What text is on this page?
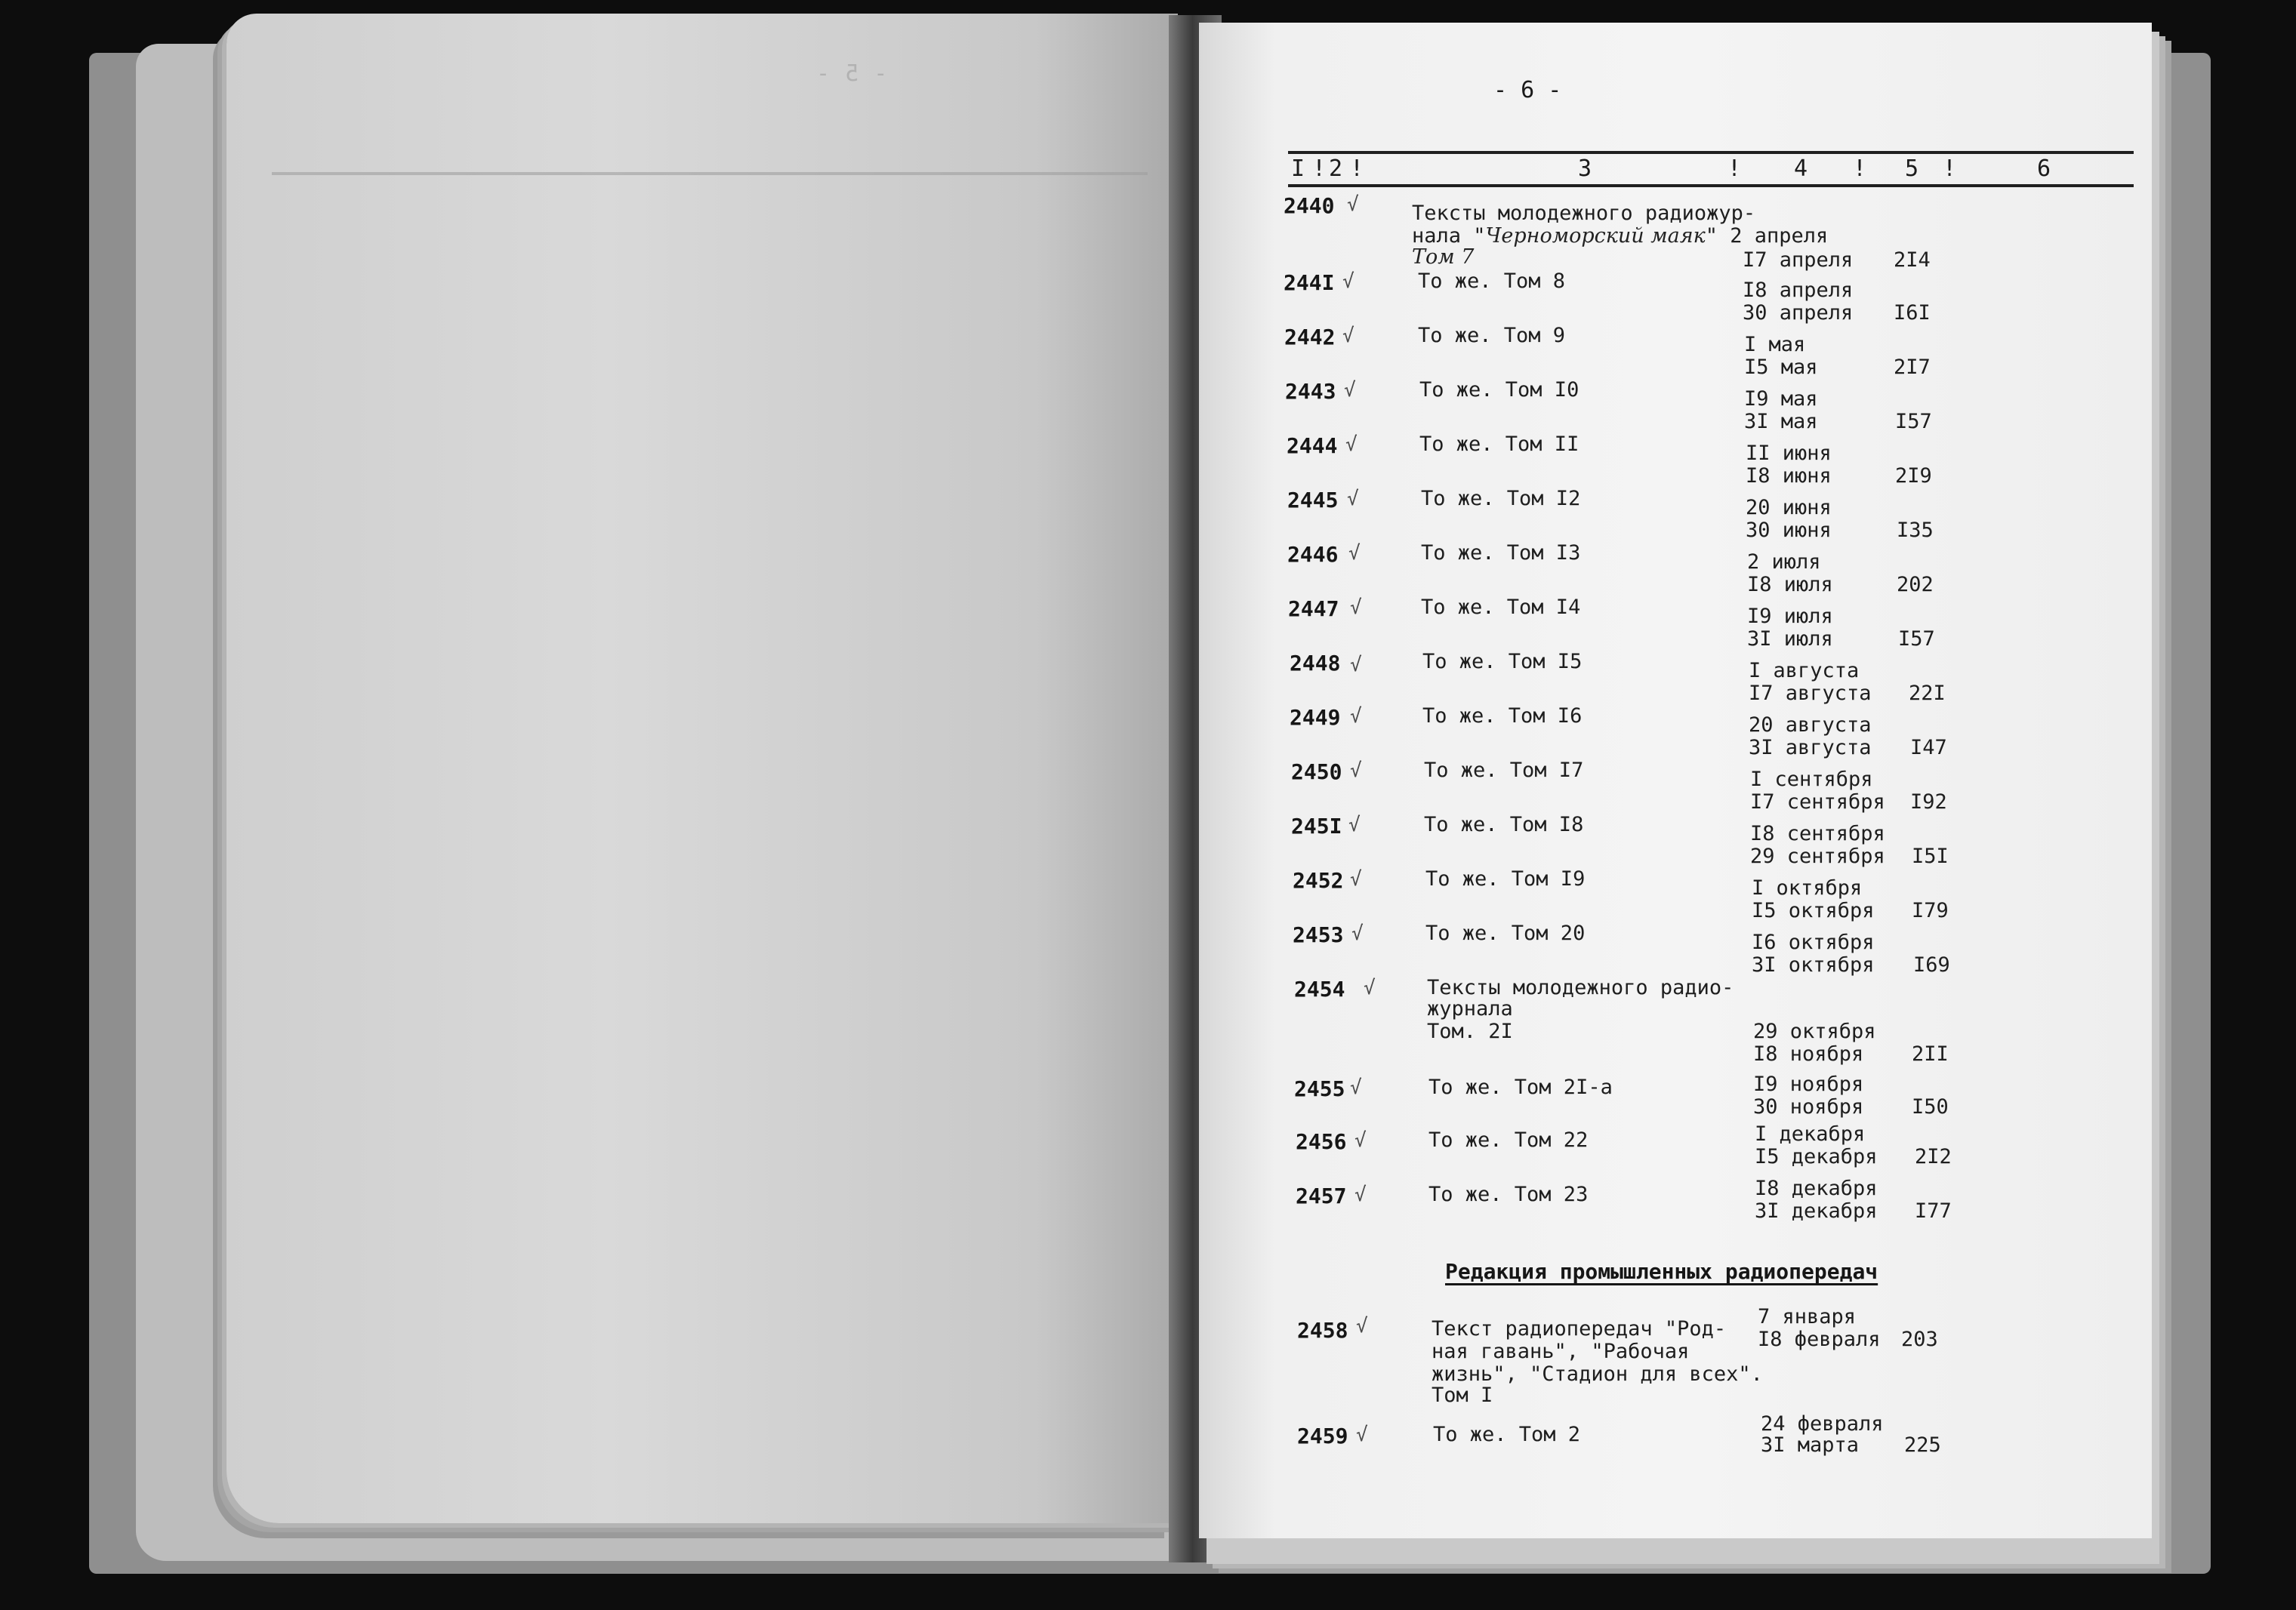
- 5 -
- 6 -
I ! 2 !	3	! 4 ! 5 !	6
2440 √	Тексты молодежного радиожур-
нала "Черноморский маяк" 2 апреля
Том 7	I7 апреля 2I4
244I √	То же. Том 8	I8 апреля
30 апреля I6I
2442 √	То же. Том 9	I мая
I5 мая	2I7
2443 √	То же. Том I0	I9 мая
3I мая	I57
2444 √	То же. Том II	II июня
I8 июня	2I9
2445 √	То же. Том I2	20 июня
30 июня	I35
2446 √	То же. Том I3	2 июля
I8 июля	202
2447 √	То же. Том I4	I9 июля
3I июля	I57
2448 √	То же. Том I5	I августа
I7 августа 22I
2449 √	То же. Том I6	20 августа
3I августа I47
2450 √	То же. Том I7	I сентября
I7 сентября I92
245I √	То же. Том I8	I8 сентября
29 сентября I5I
2452 √	То же. Том I9	I октября
I5 октября I79
2453 √	То же. Том 20	I6 октября
3I октября I69
2454 √	Тексты молодежного радио-
журнала
Том. 2I	29 октября
I8 ноября 2II
2455 √	То же. Том 2I-а	I9 ноября
30 ноября I50
2456 √	То же. Том 22	I декабря
I5 декабря 2I2
2457 √	То же. Том 23	I8 декабря
3I декабря I77
Редакция промышленных радиопередач
2458 √	Текст радиопередач "Род-
ная гавань", "Рабочая
жизнь", "Стадион для всех".
Том I
7 января
I8 февраля 203
2459 √	То же. Том 2	24 февраля
3I марта 225
